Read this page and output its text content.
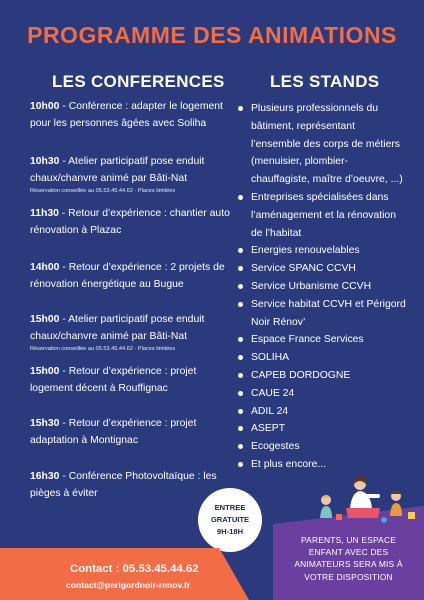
PROGRAMME DES ANIMATIONS
LES CONFERENCES	LES STANDS
10h00 - Conférence : adapter le logement pour les personnes âgées avec Soliha
10h30 - Atelier participatif pose enduit chaux/chanvre animé par Bâti-Nat
Réservation conseillée au 05.53.45.44.62 - Places limitées
11h30 - Retour d’expérience : chantier auto rénovation à Plazac
14h00 - Retour d’expérience : 2 projets de rénovation énergétique au Bugue
15h00 - Atelier participatif pose enduit chaux/chanvre animé par Bâti-Nat
Réservation conseillée au 05.53.45.44.62 - Places limitées
15h00 - Retour d’expérience : projet logement décent à Rouffignac
15h30 - Retour d’expérience : projet adaptation à Montignac
16h30 - Conférence Photovoltaïque : les pièges à éviter
Plusieurs professionnels du bâtiment, représentant l’ensemble des corps de métiers (menuisier, plombier-chauffagiste, maître d’oeuvre, ...)
Entreprises spécialisées dans l’aménagement et la rénovation de l’habitat
Energies renouvelables
Service SPANC CCVH
Service Urbanisme CCVH
Service habitat CCVH et Périgord Noir Rénov’
Espace France Services
SOLIHA
CAPEB DORDOGNE
CAUE 24
ADIL 24
ASEPT
Ecogestes
Et plus encore...
ENTREE
GRATUITE
9H-18H
PARENTS, UN ESPACE
ENFANT AVEC DES
ANIMATEURS SERA MIS À
VOTRE DISPOSITION
Contact : 05.53.45.44.62
contact@perigordnoir-renov.fr
